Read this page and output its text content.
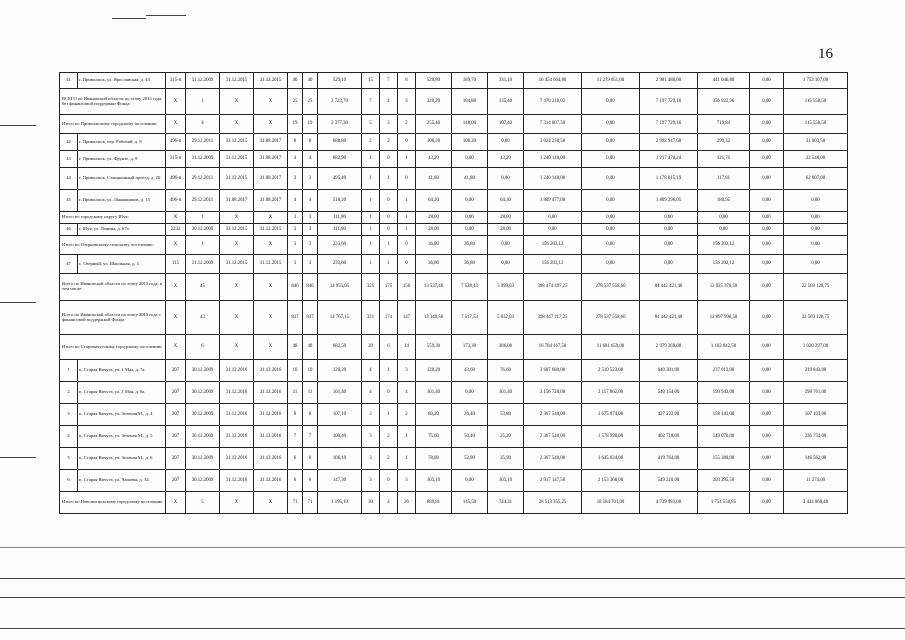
16
41	г. Приволжск, ул. Ярославская, д. 43	315-п	31.12.2009	31.12.2015	31.12.2015	40	40	529,10	15	7	8	520,80	189,70	331,10	16 454 664,80	11 279 051,00	2 981 480,00	441 046,80	0,00	1 753 107,00
ВСЕГО по Ивановской области по этапу 2014 года, без финансовой поддержки Фонда		X	1	X	X	25	25	2 723,70	7	4	3	320,20	184,80	135,40	7 470 210,02	0,00	7 197 729,16	356 922,96	0,00	115 558,50
Итого по Приволжскому городскому поселению:		X	4	X	X	19	19	2 377,30	5	3	2	255,40	148,00	107,40	7 314 007,50	0,00	7 197 729,16	719,84	0,00	115 558,50
42	г. Приволжск, пер. Рабочий, д. 8	496-п	29.12.2011	31.12.2015	31.08.2017	8	8	680,80	2	2	0	106,20	106,20	0,00	3 024 250,50	0,00	2 992 947,68	299,32	0,00	31 003,50
43	г. Приволжск, ул. Фрунзе, д. 9	315-п	31.12.2009	31.12.2015	31.08.2017	4	4	682,90	1	0	1	43,20	0,00	43,20	1 240 140,00	0,00	1 217 470,24	121,76	0,00	22 548,00
44	г. Приволжск, Станционный проезд, д. 20	496-п	29.12.2011	31.12.2015	31.08.2017	3	3	495,40	1	1	0	41,80	41,80	0,00	1 240 140,00	0,00	1 178 015,19	117,81	0,00	62 007,00
45	г. Приволжск, ул. Льнянщиков, д. 15	496-п	29.12.2011	31.08.2017	31.08.2017	4	4	518,20	1	0	1	64,20	0,00	64,30	1 809 477,00	0,00	1 809 296,05	180,95	0,00	0,00
Итого по городскому округу Шуя:		X	1	X	X	3	3	111,80	1	0	1	28,00	0,00	28,00	0,00	0,00	0,00	0,00	0,00	0,00
46	г. Шуя, ул. Ленина, д. 67а	2232	30.12.2009	31.12.2015	31.12.2015	3	3	111,80	1	0	1	28,00	0,00	28,00	0,00	0,00	0,00	0,00	0,00	0,00
Итого по Озерновскому сельскому поселению:		X	1	X	X	3	3	233,60	1	1	0	36,80	36,80	0,00	156 203,12	0,00	0,00	156 203,12	0,00	0,00
47	с. Озерный, ул. Школьная, д. 3	115	31.12.2009	31.12.2015	31.12.2015	3	3	233,60	1	1	0	36,80	36,80	0,00	156 203,12	0,00	0,00	156 203,12	0,00	0,00
Всего по Ивановской области по этапу 2015 года, в том числе:		X	45	X	X	846	846	14 955,05	325	175	150	13 537,46	7 538,43	5 999,03	398 474 497,25	278 537 558,60	84 442 421,40	12 925 376,50	0,00	22 569 128,75
Всего по Ивановской области по этапу 2015 года с финансовой поддержкой Фонда		X	43	X	X	837	837	14 767,15	321	174	147	13 349,56	7 517,53	5 832,03	398 447 117,25	278 537 558,60	84 442 421,40	12 897 996,50	0,00	22 569 128,75
Итого по Старовичугскому городскому поселению:		X	6	X	X	48	48	682,50	20	6	14	559,30	173,30	386,00	16 784 167,50	11 681 659,00	2 979 369,00	1 102 842,50	0,00	1 020 297,00
1	п. Старая Вичуга, ул. 1 Мая, д. 7а	207	30.12.2009	31.12.2016	31.12.2016	10	10	120,20	4	1	3	120,20	43,60	76,60	3 607 680,00	2 510 523,00	640 301,00	237 013,00	0,00	219 843,00
2	п. Старая Вичуга, ул. 1 Мая, д. 8а	207	30.12.2009	31.12.2016	31.12.2016	11	11	101,40	4	0	4	101,40	0,00	101,40	3 156 720,00	2 117 862,00	540 154,00	199 943,00	0,00	298 761,00
3	п. Старая Вичуга, ул. Зеленая М., д. 4	207	30.12.2009	31.12.2016	31.12.2016	8	8	107,10	3	1	2	80,20	26,40	53,80	2 367 540,00	1 675 074,00	427 222,00	158 141,00	0,00	107 103,00
4	п. Старая Вичуга, ул. Зеленая М., д. 5	207	30.12.2009	31.12.2016	31.12.2016	7	7	100,40	3	2	1	75,60	50,40	25,20	2 367 540,00	1 578 998,00	402 718,00	149 070,00	0,00	236 754,00
5	п. Старая Вичуга, ул. Зеленая М., д. 6	207	30.12.2009	31.12.2016	31.12.2016	6	6	106,10	3	2	1	78,80	52,90	25,90	2 367 540,00	1 645 834,00	419 764,00	155 380,00	0,00	146 562,00
6	п. Старая Вичуга, ул. Чапаева, д. 34	207	30.12.2009	31.12.2016	31.12.2016	6	6	147,30	3	0	3	103,10	0,00	103,10	2 917 147,50	2 153 368,00	549 210,00	203 295,50	0,00	11 274,00
Итого по Новописцовскому городскому поселению:		X	5	X	X	71	71	1 195,10	30	4	26	889,81	145,50	744,31	28 513 355,25	18 584 761,00	4 739 983,00	1 754 550,85	0,00	3 434 060,40
